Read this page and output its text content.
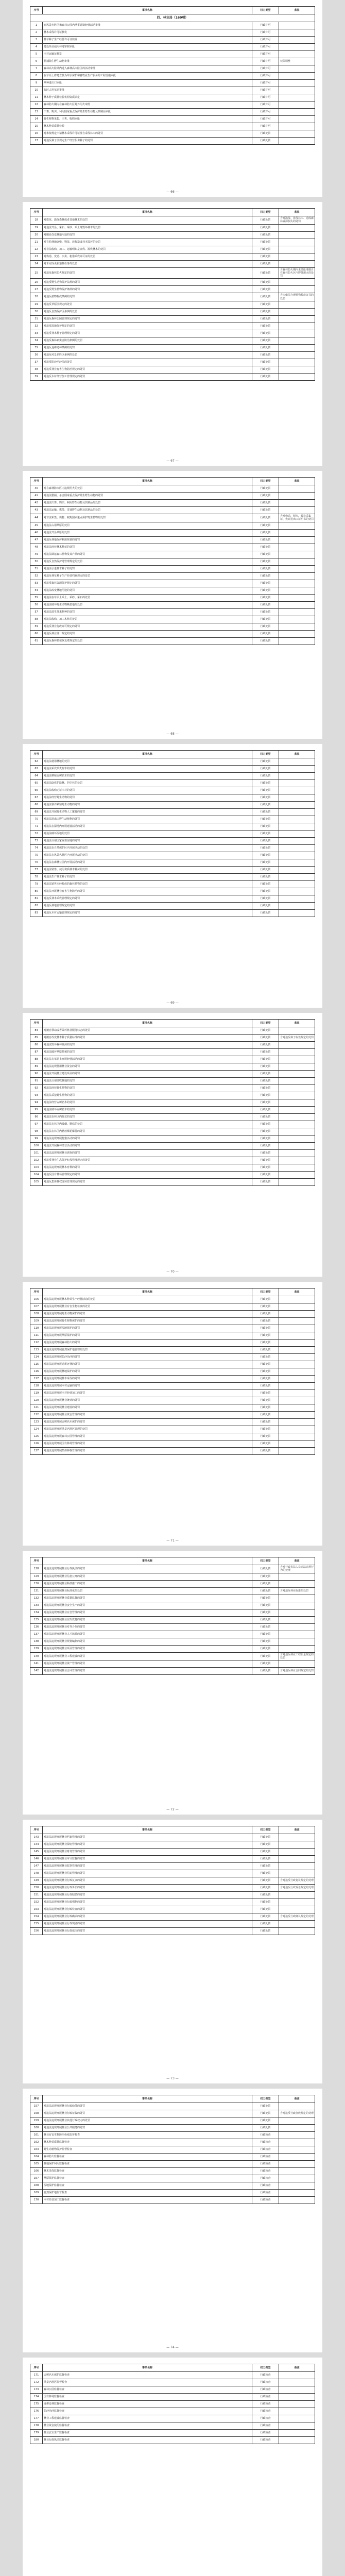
序号	事项名称	权力类型	备注
四、林业局（160项）			
1	在风景名胜区和森林公园内从事建设经营活动审批	行政许可	
2	林木采伐许可证核发	行政许可	
3	林草种子生产经营许可证核发	行政许可	
4	建设项目使用林地审核审批	行政许可	
5	木材运输证核发	行政许可	
6	猎捕陆生野生动物审批	行政许可	权限调整
7	森林高火险期内进入森林高火险区的活动审批	行政许可	
8	在草原上修建直接为草原保护和畜牧业生产服务的工程设施审批	行政许可	
9	草种进出口审批	行政许可	
10	临时占用草原审批	行政许可	
11	林木种子质量检验机构资质认定	行政许可	
12	森林防火期内在森林防火区野外用火审批	行政许可	
13	出售、购买、利用国家重点保护陆生野生动物及其制品审批	行政许可	
14	野生植物采集、出售、收购审批	行政许可	
15	林木种苗质量检验	行政许可	
16	对未按规定申请林木采伐许可证擅自采伐林木的处罚	行政处罚	
17	对违反种子法规定生产经营假劣种子的处罚	行政处罚	
— 66 —
序号	事项名称	权力类型	备注
18	对盗伐、滥伐森林或者其他林木的处罚	行政处罚	含对滥伐、盗伐林木、造成森林资源损失的处罚
19	对违法开垦、采石、采砂、采土等毁坏林木的处罚	行政处罚	
20	对擅自改变林地用途的处罚	行政处罚	
21	对在幼林地砍柴、毁苗、放牧造成林木毁坏的处罚	行政处罚	
22	对非法收购、加工、运输明知是盗伐、滥伐林木的处罚	行政处罚	
23	对伪造、变造、买卖、租借采伐许可证的处罚	行政处罚	
24	对未完成更新造林任务的处罚	行政处罚	
25	对违反森林防火规定的处罚	行政处罚	含森林防火期内未经批准擅自在森林防火区内野外用火的处罚
26	对违反野生动物保护法规的处罚	行政处罚	
27	对违反野生植物保护条例的处罚	行政处罚	
28	对违反植物检疫条例的处罚	行政处罚	含未依法办理植物检疫证书的处罚
29	对违反草原法规定的处罚	行政处罚	
30	对违反自然保护区条例的处罚	行政处罚	
31	对违反森林公园管理规定的处罚	行政处罚	
32	对违反湿地保护规定的处罚	行政处罚	
33	对违反林木种子管理规定的处罚	行政处罚	
34	对违反森林病虫害防治条例的处罚	行政处罚	
35	对违反退耕还林条例的处罚	行政处罚	
36	对违反风景名胜区条例的处罚	行政处罚	
37	对违反防沙治沙法的处罚	行政处罚	
38	对违反林业有害生物防治规定的处罚	行政处罚	
39	对违反木材经营加工管理规定的处罚	行政处罚	
— 67 —
序号	事项名称	权力类型	备注
40	对在森林防火区内违规用火的处罚	行政处罚	
41	对违法猎捕、杀害国家重点保护陆生野生动物的处罚	行政处罚	
42	对违法出售、购买、利用野生动物及其制品的处罚	行政处罚	
43	对违法运输、携带、寄递野生动物及其制品的处罚	行政处罚	
44	对非法采集、出售、收购国家重点保护野生植物的处罚	行政处罚	含对伪造、倒卖、转让采集证、允许进出口证明书的处罚
45	对违法占用草原的处罚	行政处罚	
46	对违法开垦草原的处罚	行政处罚	
47	对违反林地保护利用规划的处罚	行政处罚	
48	对违法经营林木种苗的处罚	行政处罚	
49	对违法调运森林植物及其产品的处罚	行政处罚	
50	对违反自然保护地管理规定的处罚	行政处罚	
51	对违法引进林木种子的处罚	行政处罚	
52	对违反林草种子生产经营档案规定的处罚	行政处罚	
53	对违反森林资源保护规定的处罚	行政处罚	
54	对违法改变林地用途的处罚	行政处罚	
55	对违法在草原上采土、采砂、采石的处罚	行政处罚	
56	对违法破坏野生动物栖息地的处罚	行政处罚	
57	对违法放生外来物种的处罚	行政处罚	
58	对违法收购、加工木材的处罚	行政处罚	
59	对违反林业行政许可规定的处罚	行政处罚	
60	对违反林业统计规定的处罚	行政处罚	
61	对违反森林植被恢复费规定的处罚	行政处罚	
— 68 —
序号	事项名称	权力类型	备注
62	对违法使用林地的处罚	行政处罚	
63	对违法采伐珍贵树木的处罚	行政处罚	
64	对违法移植古树名木的处罚	行政处罚	
65	对违法砍伐护路林、护岸林的处罚	行政处罚	
66	对违法收购无证木材的处罚	行政处罚	
67	对违法经营野生动物的处罚	行政处罚	
68	对违法驯养繁殖野生动物的处罚	行政处罚	
69	对违法开展野生动物人工繁育的处罚	行政处罚	
70	对违法进出口野生动植物的处罚	行政处罚	
71	对违法在湿地内开展建设活动的处罚	行政处罚	
72	对违法破坏湿地的处罚	行政处罚	
73	对违法占用国家重要湿地的处罚	行政处罚	
74	对违法在自然保护区内开展活动的处罚	行政处罚	
75	对违法在风景名胜区内开展活动的处罚	行政处罚	
76	对违法在森林公园内开展活动的处罚	行政处罚	
77	对违法销售、使用劣质林木种苗的处罚	行政处罚	
78	对违法生产林木种子的处罚	行政处罚	
79	对违法销售未经检疫的森林植物的处罚	行政处罚	
80	对违法开展林业有害生物防治的处罚	行政处罚	
81	对违反林木采伐管理规定的处罚	行政处罚	
82	对违反林地管理规定的处罚	行政处罚	
83	对违反木材运输管理规定的处罚	行政处罚	
— 69 —
序号	事项名称	权力类型	备注
84	对擅自移动或者毁坏林业服务标志的处罚	行政处罚	
85	对擅自改变林木种子质量标准的处罚	行政处罚	含对违反种子标签规定的处罚
86	对违法毁坏森林资源的处罚	行政处罚	
87	对违法破坏草原植被的处罚	行政处罚	
88	对违法在草原上开展经营活动的处罚	行政处罚	
89	对违法违规使用林业资金的处罚	行政处罚	
90	对违法开展林业建设项目的处罚	行政处罚	
91	对违法占用征收林地的处罚	行政处罚	
92	对违法经营野生植物的处罚	行政处罚	
93	对违法采挖野生植物的处罚	行政处罚	
94	对违法经营古树名木的处罚	行政处罚	
95	对违法破坏古树名木的处罚	行政处罚	
96	对违法在林区内烧荒的处罚	行政处罚	
97	对违法在林区内吸烟、野炊的处罚	行政处罚	
98	对违法在林区内燃放烟花爆竹的处罚	行政处罚	
99	对违法违规开展狩猎活动的处罚	行政处罚	
100	对违法开展森林经营活动的处罚	行政处罚	
101	对违法违规开展林业调查的处罚	行政处罚	
102	对违反林业生态保护红线管理规定的处罚	行政处罚	
103	对违法违规开展林木育种的处罚	行政处罚	
104	对违反国有林场管理规定的处罚	行政处罚	
105	对违反集体林权流转管理规定的处罚	行政处罚	
— 70 —
序号	事项名称	权力类型	备注
106	对违法违规开展林木种苗生产经营活动的处罚	行政处罚	
107	对违法违规开展林业有害生物检疫的处罚	行政处罚	
108	对违法违规开展野生动物保护的处罚	行政处罚	
109	对违法违规开展野生植物保护的处罚	行政处罚	
110	对违法违规开展湿地保护的处罚	行政处罚	
111	对违法违规开展草原保护的处罚	行政处罚	
112	对违法违规开展森林防火的处罚	行政处罚	
113	对违法违规开展自然保护地管理的处罚	行政处罚	
114	对违法违规开展防沙治沙的处罚	行政处罚	
115	对违法违规开展退耕还林的处罚	行政处罚	
116	对违法违规开展林地保护的处罚	行政处罚	
117	对违法违规开展林木采伐的处罚	行政处罚	
118	对违法违规开展木材运输的处罚	行政处罚	
119	对违法违规开展木材经营加工的处罚	行政处罚	
120	对违法违规开展林业统计的处罚	行政处罚	
121	对违法违规开展林业建设的处罚	行政处罚	
122	对违法违规开展林业资金管理的处罚	行政处罚	
123	对违法违规开展古树名木保护的处罚	行政处罚	
124	对违法违规开展风景名胜区管理的处罚	行政处罚	
125	对违法违规开展森林公园管理的处罚	行政处罚	
126	对违法违规开展国有林场管理的处罚	行政处罚	
127	对违法违规开展集体林权管理的处罚	行政处罚	
— 71 —
序号	事项名称	权力类型	备注
128	对违法违规开展林业行政执法的处罚	行政处罚	含对行政执法人员违法违规行为的处理
129	对违法违规开展林业信息公开的处罚	行政处罚	
130	对违法违规开展林业科技推广的处罚	行政处罚	
131	对违法违规开展林业标准化的处罚	行政处罚	含对违反林业标准的处罚
132	对违法违规开展林业质量监督的处罚	行政处罚	
133	对违法违规开展林业安全生产的处罚	行政处罚	
134	对违法违规开展林业应急管理的处罚	行政处罚	
135	对违法违规开展林业宣传教育的处罚	行政处罚	
136	对违法违规开展林业对外合作的处罚	行政处罚	
137	对违法违规开展林业人才培养的处罚	行政处罚	
138	对违法违规开展林业规划编制的处罚	行政处罚	
139	对违法违规开展林业项目管理的处罚	行政处罚	
140	对违法违规开展林业工程建设的处罚	行政处罚	含对违反林业工程质量规定的处罚
141	对违法违规开展林业资产管理的处罚	行政处罚	
142	对违法违规开展林业合同管理的处罚	行政处罚	含对违反林业合同规定的处罚
— 72 —
序号	事项名称	权力类型	备注
143	对违法违规开展林业档案管理的处罚	行政处罚	
144	对违法违规开展林业保密管理的处罚	行政处罚	
145	对违法违规开展林业财务管理的处罚	行政处罚	
146	对违法违规开展林业审计监督的处罚	行政处罚	
147	对违法违规开展林业监察管理的处罚	行政处罚	
148	对违法违规开展林业信访管理的处罚	行政处罚	
149	对违法违规开展林业行政复议的处罚	行政处罚	含对违反行政复议规定的处理
150	对违法违规开展林业行政诉讼的处罚	行政处罚	含对违反行政诉讼规定的处理
151	对违法违规开展林业行政赔偿的处罚	行政处罚	
152	对违法违规开展林业行政强制的处罚	行政处罚	
153	对违法违规开展林业行政检查的处罚	行政处罚	
154	对违法违规开展林业行政确认的处罚	行政处罚	含对违反行政确认规定的处理
155	对违法违规开展林业行政奖励的处罚	行政处罚	
156	对违法违规开展林业行政裁决的处罚	行政处罚	
— 73 —
序号	事项名称	权力类型	备注
157	对违法违规开展林业行政给付的处罚	行政处罚	
158	对违法违规开展林业行政征收的处罚	行政处罚	含对违反行政征收规定的处理
159	对违法违规开展林业其他行政权力的处罚	行政处罚	
160	对违法违规开展林业公共服务的处罚	行政处罚	
161	林业有害生物防治检疫监督检查	行政检查	
162	林木种苗质量监督检查	行政检查	
163	野生动植物保护监督检查	行政检查	
164	森林防火监督检查	行政检查	
165	林地保护利用监督检查	行政检查	
166	林木采伐监督检查	行政检查	
167	草原保护监督检查	行政检查	
168	湿地保护监督检查	行政检查	
169	自然保护地监督检查	行政检查	
170	木材经营加工监督检查	行政检查	
— 74 —
序号	事项名称	权力类型	备注
171	古树名木保护监督检查	行政检查	
172	风景名胜区监督检查	行政检查	
173	森林公园监督检查	行政检查	
174	国有林场监督检查	行政检查	
175	退耕还林监督检查	行政检查	
176	防沙治沙监督检查	行政检查	
177	林业工程建设监督检查	行政检查	
178	林业资金使用监督检查	行政检查	
179	林业安全生产监督检查	行政检查	
180	林业行政执法监督检查	行政检查	
